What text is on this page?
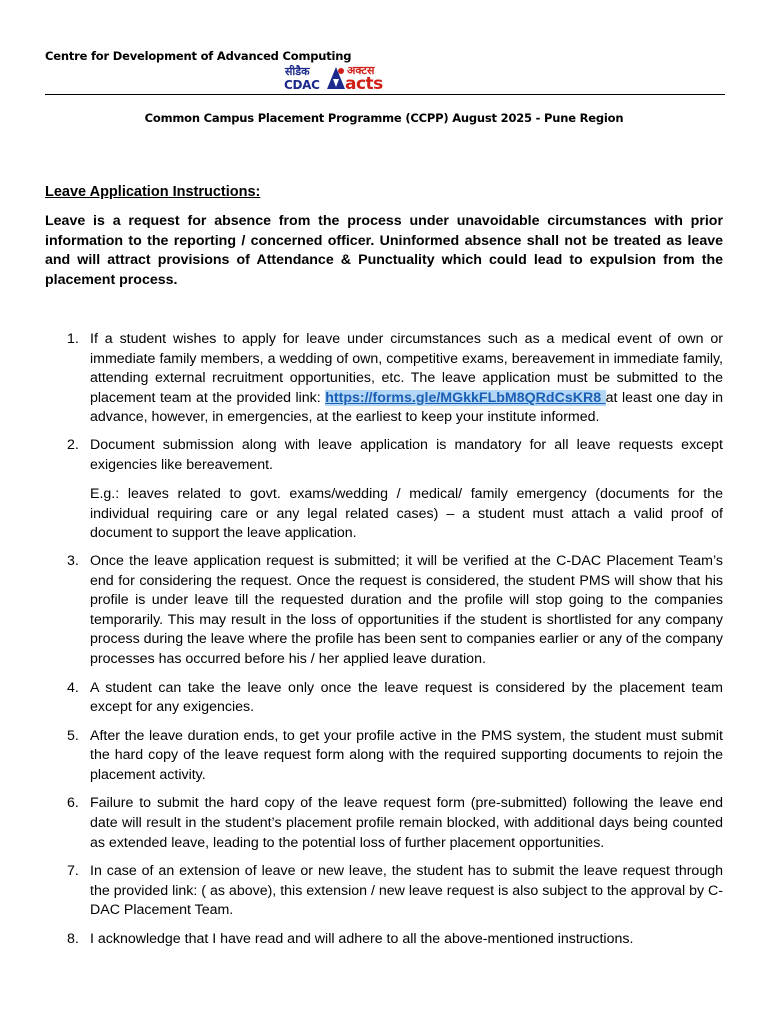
Centre for Development of Advanced Computing
सीडैक
CDAC
अक्टस
acts
Common Campus Placement Programme (CCPP) August 2025 - Pune Region
Leave Application Instructions:
Leave is a request for absence from the process under unavoidable circumstances with prior information to the reporting / concerned officer. Uninformed absence shall not be treated as leave and will attract provisions of Attendance & Punctuality which could lead to expulsion from the placement process.
1. If a student wishes to apply for leave under circumstances such as a medical event of own or immediate family members, a wedding of own, competitive exams, bereavement in immediate family, attending external recruitment opportunities, etc. The leave application must be submitted to the placement team at the provided link: https://forms.gle/MGkkFLbM8QRdCsKR8 at least one day in advance, however, in emergencies, at the earliest to keep your institute informed.

2. Document submission along with leave application is mandatory for all leave requests except exigencies like bereavement.

E.g.: leaves related to govt. exams/wedding / medical/ family emergency (documents for the individual requiring care or any legal related cases) – a student must attach a valid proof of document to support the leave application.

3. Once the leave application request is submitted; it will be verified at the C-DAC Placement Team’s end for considering the request. Once the request is considered, the student PMS will show that his profile is under leave till the requested duration and the profile will stop going to the companies temporarily. This may result in the loss of opportunities if the student is shortlisted for any company process during the leave where the profile has been sent to companies earlier or any of the company processes has occurred before his / her applied leave duration.

4. A student can take the leave only once the leave request is considered by the placement team except for any exigencies.

5. After the leave duration ends, to get your profile active in the PMS system, the student must submit the hard copy of the leave request form along with the required supporting documents to rejoin the placement activity.

6. Failure to submit the hard copy of the leave request form (pre-submitted) following the leave end date will result in the student’s placement profile remain blocked, with additional days being counted as extended leave, leading to the potential loss of further placement opportunities.

7. In case of an extension of leave or new leave, the student has to submit the leave request through the provided link: ( as above), this extension / new leave request is also subject to the approval by C-DAC Placement Team.

8. I acknowledge that I have read and will adhere to all the above-mentioned instructions.
